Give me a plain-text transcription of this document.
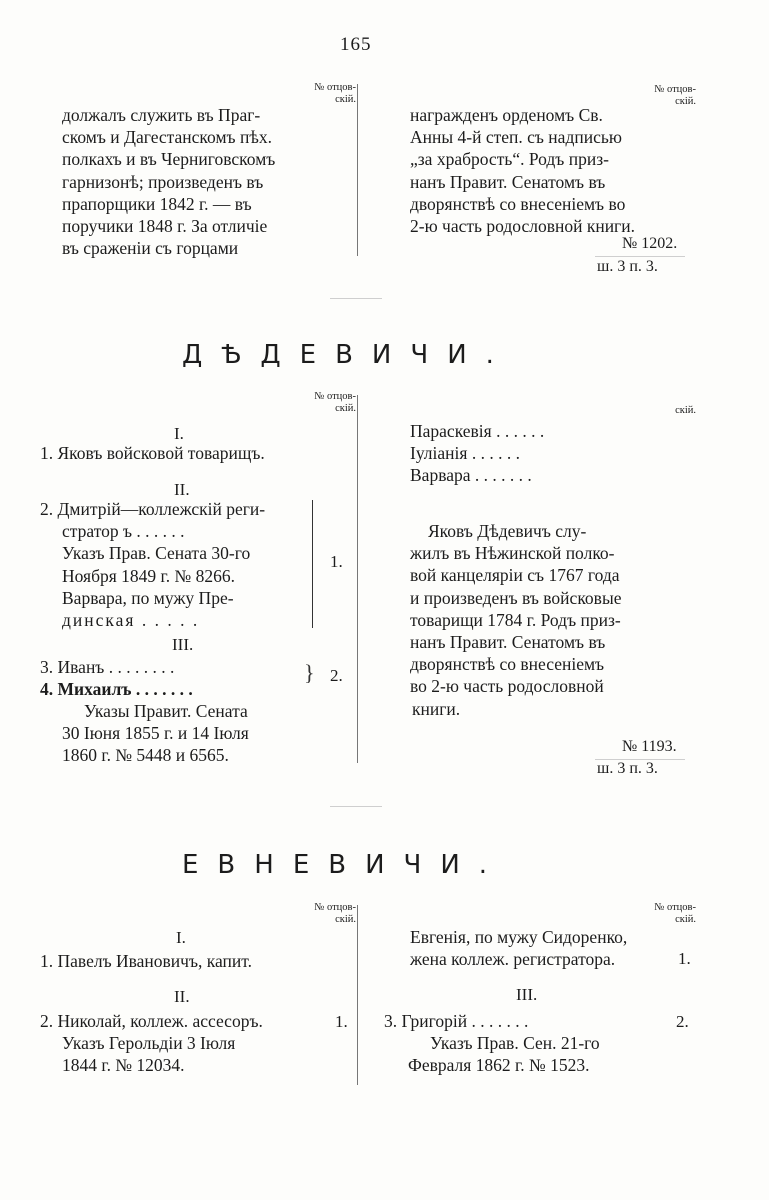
165
№ отцов-
скій.
№ отцов-
скій.
должалъ служить въ Праг-
скомъ и Дагестанскомъ пѣх.
полкахъ и въ Черниговскомъ
гарнизонѣ; произведенъ въ
прапорщики 1842 г. — въ
поручики 1848 г. За отличіе
въ сраженіи съ горцами
награжденъ орденомъ Св.
Анны 4-й степ. съ надписью
„за храбрость“. Родъ приз-
нанъ Правит. Сенатомъ въ
дворянствѣ со внесеніемъ во
2-ю часть родословной книги.
№ 1202.
ш. 3 п. 3.
ДѢДЕВИЧИ.
№ отцов-
скій.	скій.
I.
1. Яковъ войсковой товарищъ.
II.
2. Дмитрій—коллежскій реги-
стратор ъ . . . . . .
Указъ Прав. Сената 30-го
Ноября 1849 г. № 8266.
Варвара, по мужу Пре-
динская . . . . .
1.
III.
3. Иванъ . . . . . . . .
4. Михаилъ . . . . . . .
} 2.
Указы Правит. Сената
30 Іюня 1855 г. и 14 Іюля
1860 г. № 5448 и 6565.
Параскевія . . . . . .
Іуліанія . . . . . .
Варвара . . . . . . .
Яковъ Дѣдевичъ слу-
жилъ въ Нѣжинской полко-
вой канцеляріи съ 1767 года
и произведенъ въ войсковые
товарищи 1784 г. Родъ приз-
нанъ Правит. Сенатомъ въ
дворянствѣ со внесеніемъ
во 2-ю часть родословной
книги.
№ 1193.
ш. 3 п. 3.
ЕВНЕВИЧИ.
№ отцов-
скій.
№ отцов-
скій.
I.
1. Павелъ Ивановичъ, капит.
II.
2. Николай, коллеж. ассесоръ.
Указъ Герольдіи 3 Іюля
1844 г. № 12034.
1.
Евгенія, по мужу Сидоренко,
жена коллеж. регистратора.	1.
III.
3. Григорій . . . . . . .
Указъ Прав. Сен. 21-го
Февраля 1862 г. № 1523.
2.
